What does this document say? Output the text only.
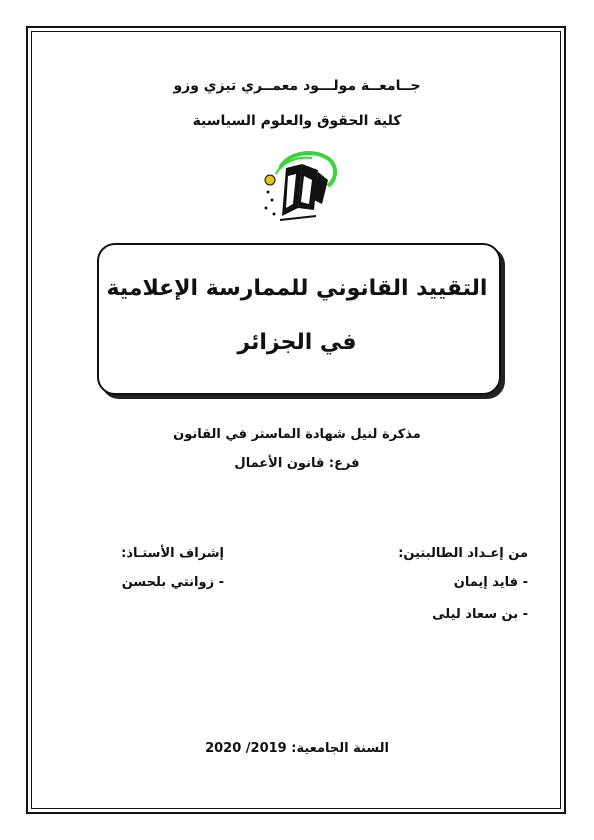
جــامعــة مولـــود معمــري تيزي وزو
كلية الحقوق والعلوم السياسية
التقييد القانوني للممارسة الإعلامية
في الجزائر
مذكرة لنيل شهادة الماستر في القانون
فرع: قانون الأعمال
من إعـداد الطالبتين:
- فايد إيمان
- بن سعاد ليلى
إشراف الأستـاذ:
- زوانتي بلحسن
السنة الجامعية: 2019/ 2020
